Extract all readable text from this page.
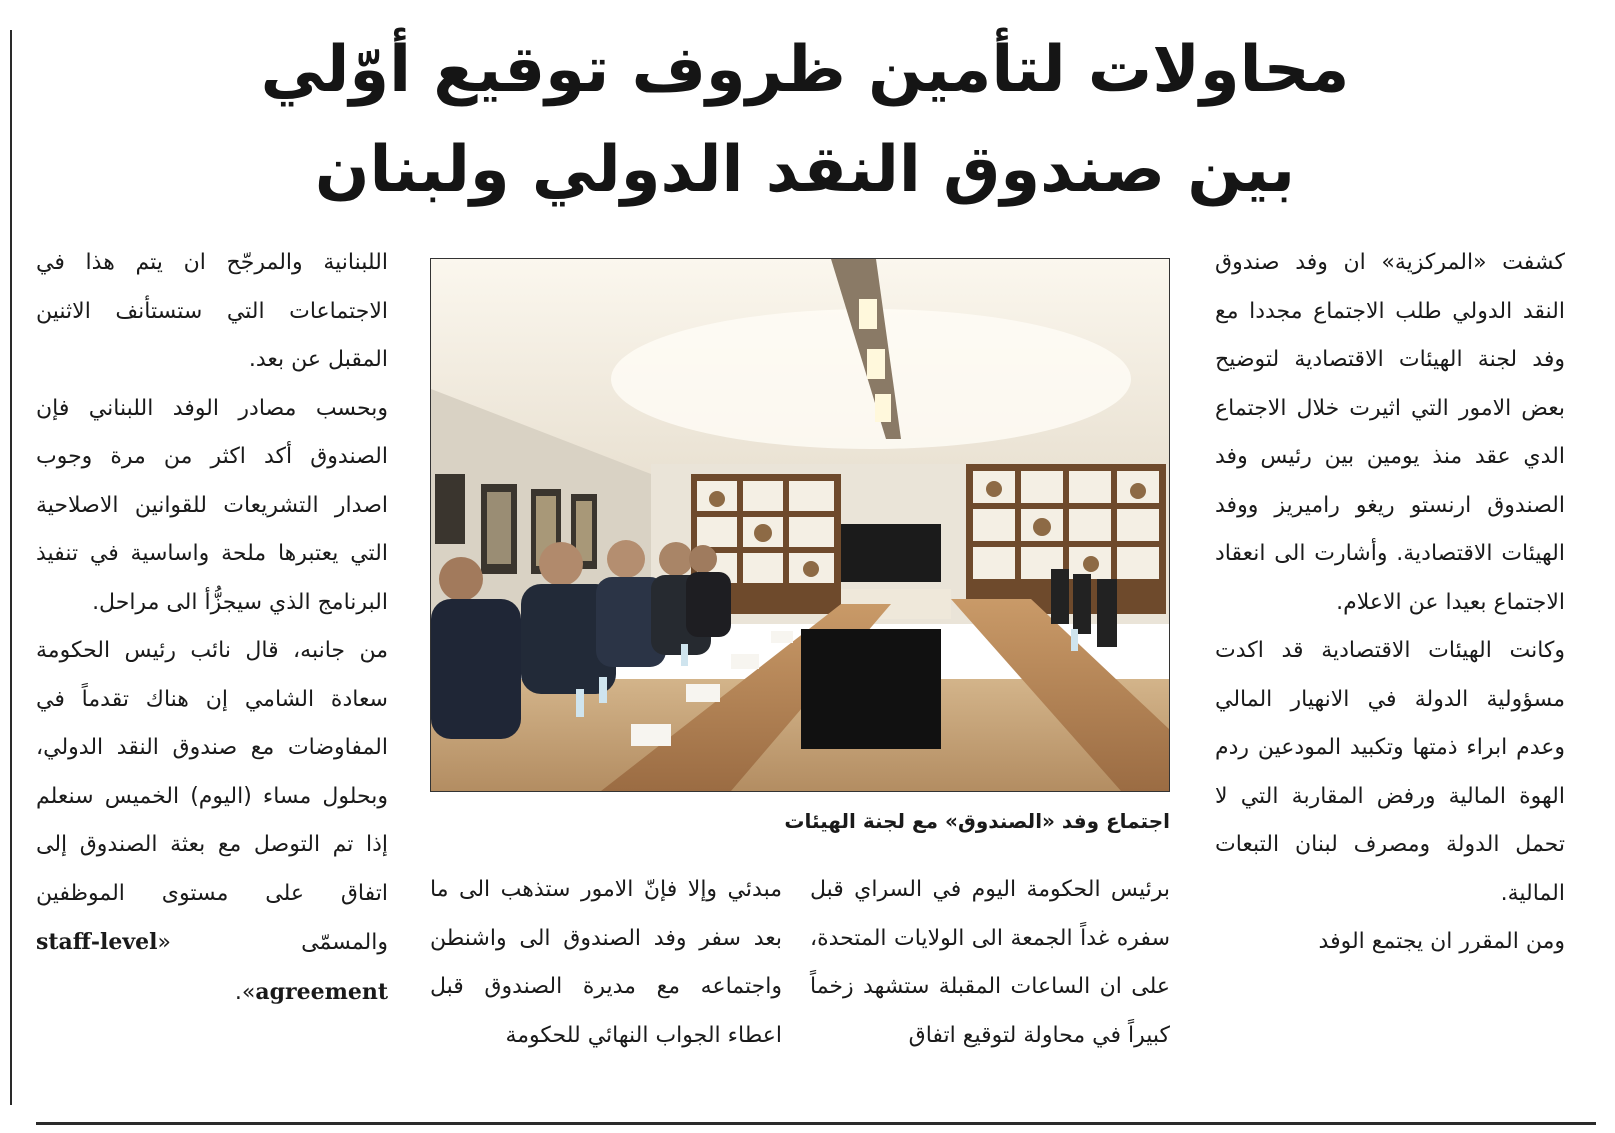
محاولات لتأمين ظروف توقيع أوّلي
بين صندوق النقد الدولي ولبنان

كشفت «المركزية» ان وفد صندوق النقد الدولي طلب الاجتماع مجددا مع وفد لجنة الهيئات الاقتصادية لتوضيح بعض الامور التي اثيرت خلال الاجتماع الدي عقد منذ يومين بين رئيس وفد الصندوق ارنستو ريغو راميريز ووفد الهيئات الاقتصادية. وأشارت الى انعقاد الاجتماع بعيدا عن الاعلام.

وكانت الهيئات الاقتصادية قد اكدت مسؤولية الدولة في الانهيار المالي وعدم ابراء ذمتها وتكبيد المودعين ردم الهوة المالية ورفض المقاربة التي لا تحمل الدولة ومصرف لبنان التبعات المالية.

ومن المقرر ان يجتمع الوفد

اجتماع وفد «الصندوق» مع لجنة الهيئات

برئيس الحكومة اليوم في السراي قبل سفره غداً الجمعة الى الولايات المتحدة، على ان الساعات المقبلة ستشهد زخماً كبيراً في محاولة لتوقيع اتفاق

مبدئي وإلا فإنّ الامور ستذهب الى ما بعد سفر وفد الصندوق الى واشنطن واجتماعه مع مديرة الصندوق قبل اعطاء الجواب النهائي للحكومة

اللبنانية والمرجّح ان يتم هذا في الاجتماعات التي ستستأنف الاثنين المقبل عن بعد.

وبحسب مصادر الوفد اللبناني فإن الصندوق أكد اكثر من مرة وجوب اصدار التشريعات للقوانين الاصلاحية التي يعتبرها ملحة واساسية في تنفيذ البرنامج الذي سيجزُّأ الى مراحل.

من جانبه، قال نائب رئيس الحكومة سعادة الشامي إن هناك تقدماً في المفاوضات مع صندوق النقد الدولي، وبحلول مساء (اليوم) الخميس سنعلم إذا تم التوصل مع بعثة الصندوق إلى اتفاق على مستوى الموظفين والمسمّى «staff-level agreement».
